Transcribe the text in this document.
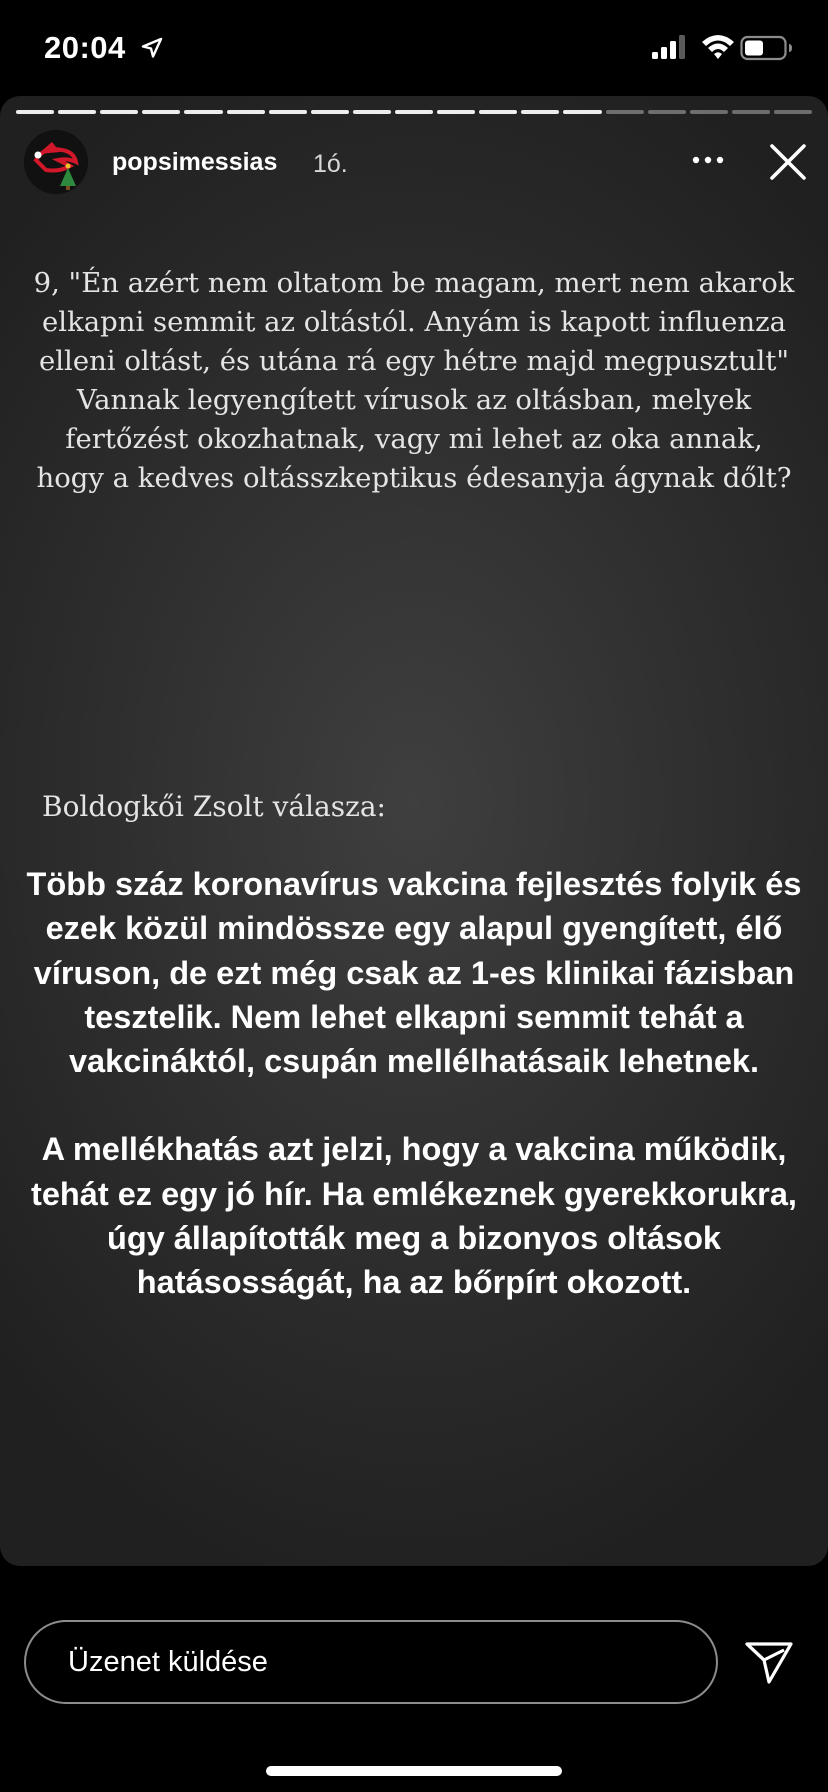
20:04
popsimessias 1ó.

9, "Én azért nem oltatom be magam, mert nem akarok elkapni semmit az oltástól. Anyám is kapott influenza elleni oltást, és utána rá egy hétre majd megpusztult"

Vannak legyengített vírusok az oltásban, melyek fertőzést okozhatnak, vagy mi lehet az oka annak, hogy a kedves oltásszkeptikus édesanyja ágynak dőlt?

Boldogkői Zsolt válasza:

Több száz koronavírus vakcina fejlesztés folyik és ezek közül mindössze egy alapul gyengített, élő víruson, de ezt még csak az 1-es klinikai fázisban tesztelik. Nem lehet elkapni semmit tehát a vakcináktól, csupán mellélhatásaik lehetnek.

A mellékhatás azt jelzi, hogy a vakcina működik, tehát ez egy jó hír. Ha emlékeznek gyerekkorukra, úgy állapították meg a bizonyos oltások hatásosságát, ha az bőrpírt okozott.

Üzenet küldése
